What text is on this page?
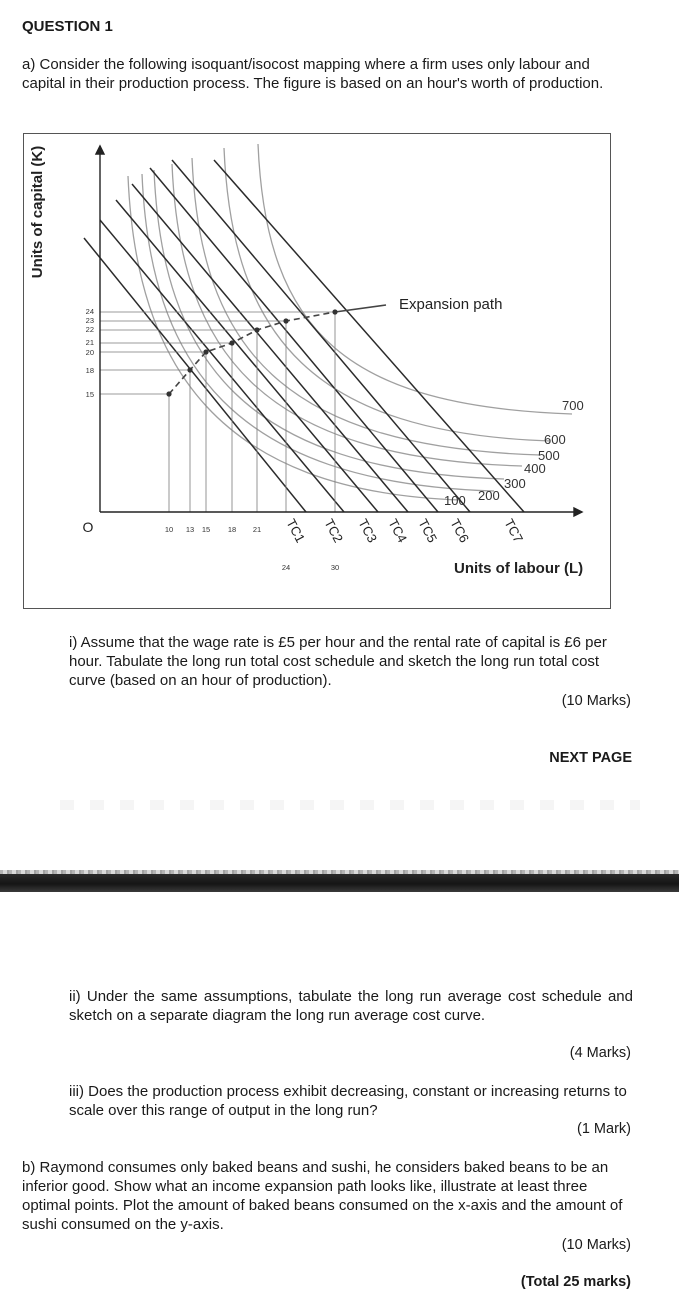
QUESTION 1
a) Consider the following isoquant/isocost mapping where a firm uses only labour and capital in their production process. The figure is based on an hour's worth of production.
TC1 TC2 TC3 TC4 TC5 TC6 TC7
100 200
300
400
500
600
700
24
23
22
21
20
18
15
10 13 15 18 21
24	30
O
Expansion path
Units of capital (K)
Units of labour (L)
i) Assume that the wage rate is £5 per hour and the rental rate of capital is £6 per hour. Tabulate the long run total cost schedule and sketch the long run total cost curve (based on an hour of production).
(10 Marks)
NEXT PAGE
ii) Under the same assumptions, tabulate the long run average cost schedule and sketch on a separate diagram the long run average cost curve.
(4 Marks)
iii) Does the production process exhibit decreasing, constant or increasing returns to scale over this range of output in the long run?
(1 Mark)
b) Raymond consumes only baked beans and sushi, he considers baked beans to be an inferior good. Show what an income expansion path looks like, illustrate at least three optimal points. Plot the amount of baked beans consumed on the x-axis and the amount of sushi consumed on the y-axis.
(10 Marks)
(Total 25 marks)
